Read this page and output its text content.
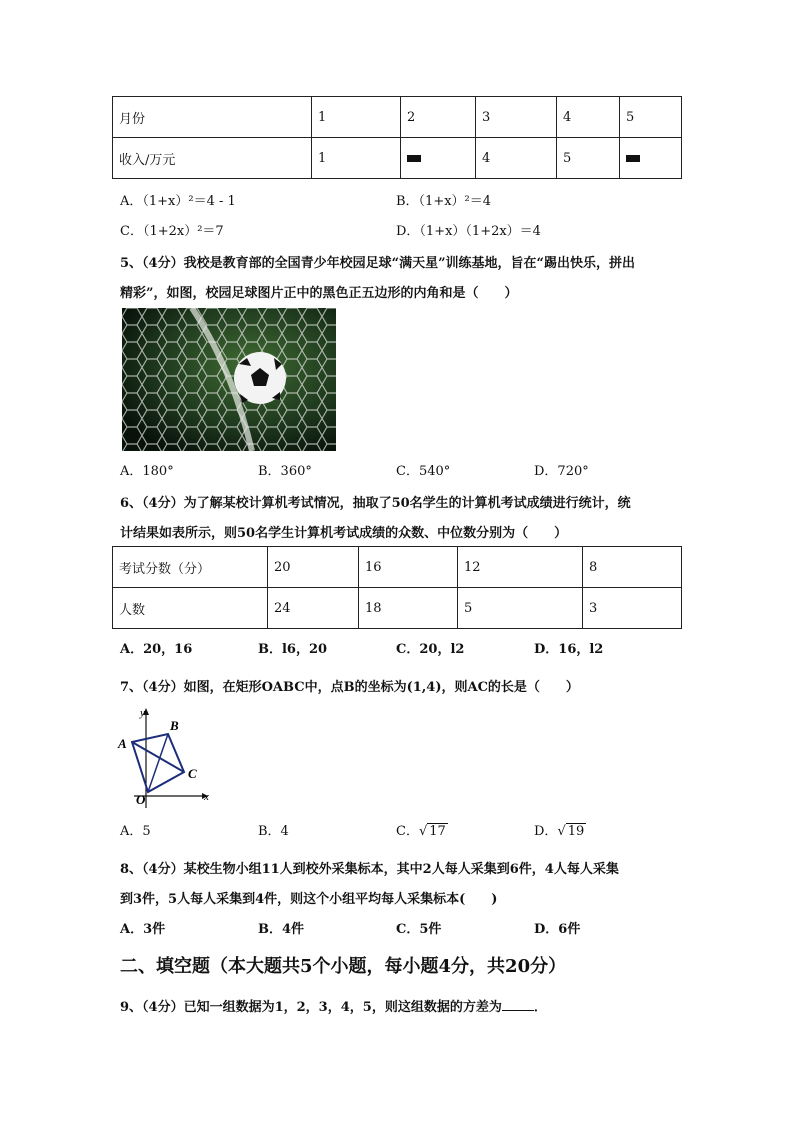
月份	1	2	3	4	5
收入/万元	1		4	5	
A．（1+x）²＝4 - 1	B．（1+x）²＝4
C．（1+2x）²＝7	D．（1+x）（1+2x）＝4
5、（4分）我校是教育部的全国青少年校园足球“满天星”训练基地，旨在“踢出快乐，拼出
精彩”，如图，校园足球图片正中的黑色正五边形的内角和是（　　）
A．180°	B．360°	C．540°	D．720°
6、（4分）为了解某校计算机考试情况，抽取了50名学生的计算机考试成绩进行统计，统
计结果如表所示，则50名学生计算机考试成绩的众数、中位数分别为（　　）
考试分数（分）	20	16	12	8
人数	24	18	5	3
A．20，16	B．l6，20	C．20，l2	D．16，l2
7、（4分）如图，在矩形OABC中，点B的坐标为(1,4)，则AC的长是（　　）
y
x
A
B
C
O
A．5	B．4	C．√ 17	D．√ 19
8、（4分）某校生物小组11人到校外采集标本，其中2人每人采集到6件，4人每人采集
到3件，5人每人采集到4件，则这个小组平均每人采集标本(　　)
A．3件	B．4件	C．5件	D．6件
二、填空题（本大题共5个小题，每小题4分，共20分）
9、（4分）已知一组数据为1，2，3，4，5，则这组数据的方差为 ．
